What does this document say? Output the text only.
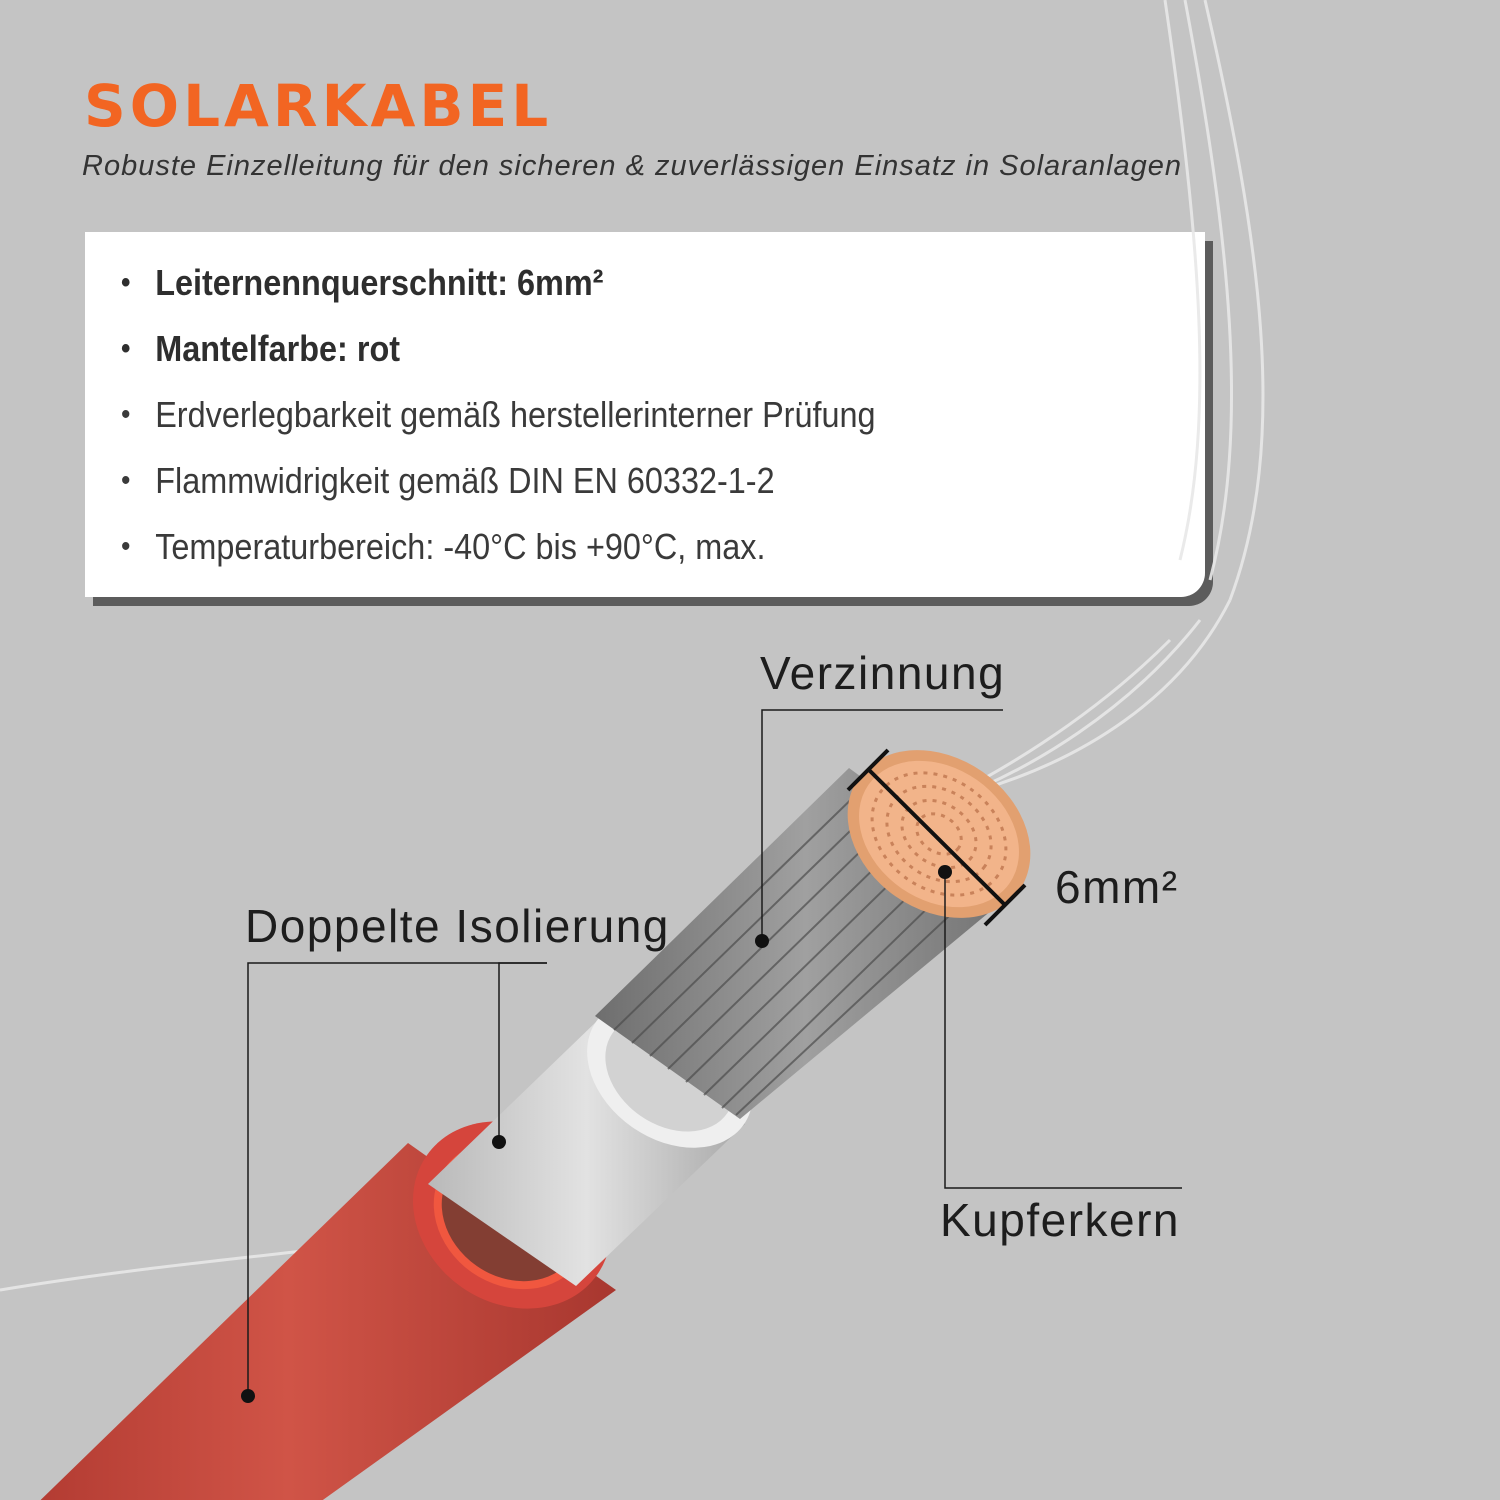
SOLARKABEL

Robuste Einzelleitung für den sicheren & zuverlässigen Einsatz in Solaranlagen

• Leiternennquerschnitt: 6mm²
• Mantelfarbe: rot
• Erdverlegbarkeit gemäß herstellerinterner Prüfung
• Flammwidrigkeit gemäß DIN EN 60332-1-2
• Temperaturbereich: -40°C bis +90°C, max.

Verzinnung

Doppelte Isolierung

6mm²

Kupferkern
